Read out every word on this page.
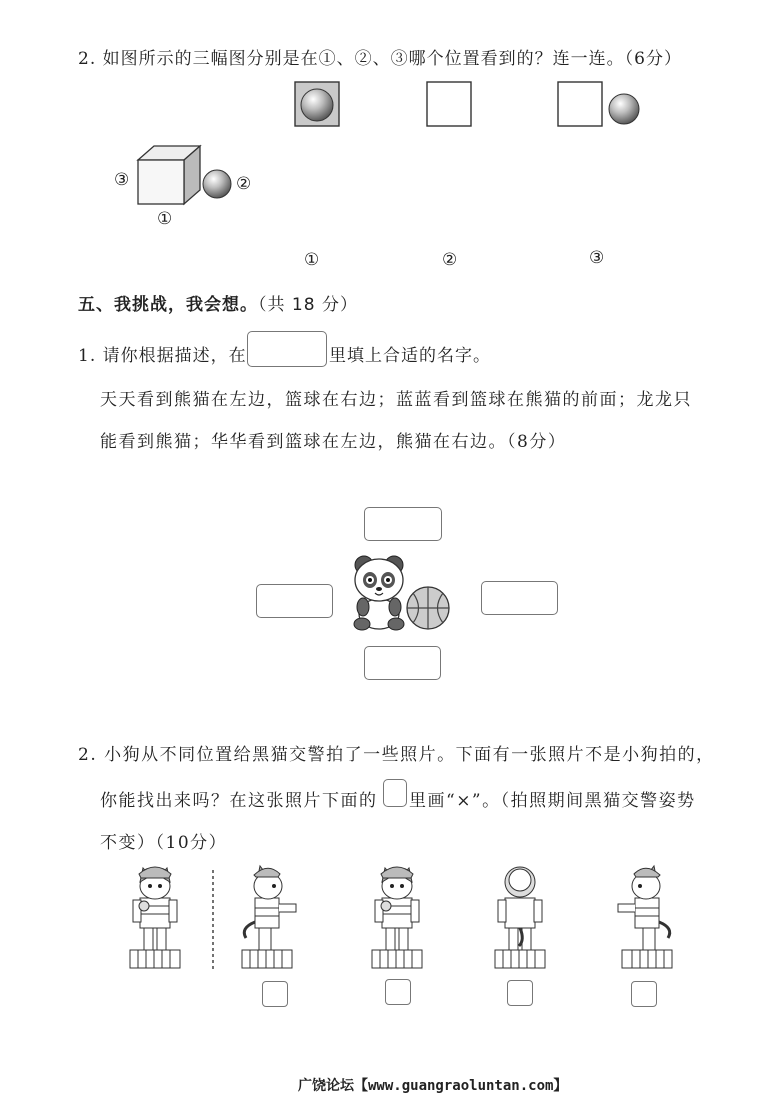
2. 如图所示的三幅图分别是在①、②、③哪个位置看到的？连一连。（6分）
③	②
①
①	②	③
五、我挑战，我会想。（共 18 分）
1. 请你根据描述，在	里填上合适的名字。
天天看到熊猫在左边，篮球在右边；蓝蓝看到篮球在熊猫的前面；龙龙只
能看到熊猫；华华看到篮球在左边，熊猫在右边。（8分）
2. 小狗从不同位置给黑猫交警拍了一些照片。下面有一张照片不是小狗拍的，
你能找出来吗？在这张照片下面的 里画“×”。（拍照期间黑猫交警姿势
不变）（10分）
广饶论坛【www.guangraoluntan.com】
